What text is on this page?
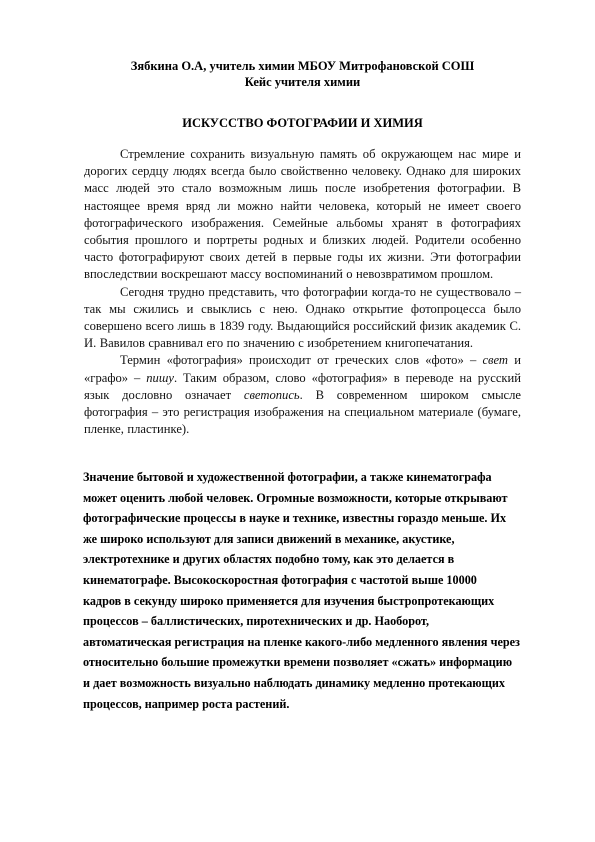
Зябкина О.А, учитель химии МБОУ Митрофановской СОШ
Кейс учителя химии
ИСКУССТВО ФОТОГРАФИИ И ХИМИЯ

Стремление сохранить визуальную память об окружающем нас мире и дорогих сердцу людях всегда было свойственно человеку. Однако для широких масс людей это стало возможным лишь после изобретения фотографии. В настоящее время вряд ли можно найти человека, который не имеет своего фотографического изображения. Семейные альбомы хранят в фотографиях события прошлого и портреты родных и близких людей. Родители особенно часто фотографируют своих детей в первые годы их жизни. Эти фотографии впоследствии воскрешают массу воспоминаний о невозвратимом прошлом.

Сегодня трудно представить, что фотографии когда-то не существовало – так мы сжились и свыклись с нею. Однако открытие фотопроцесса было совершено всего лишь в 1839 году. Выдающийся российский физик академик С. И. Вавилов сравнивал его по значению с изобретением книгопечатания.

Термин «фотография» происходит от греческих слов «фото» – свет и «графо» – пишу. Таким образом, слово «фотография» в переводе на русский язык дословно означает светопись. В современном широком смысле фотография – это регистрация изображения на специальном материале (бумаге, пленке, пластинке).

Значение бытовой и художественной фотографии, а также кинематографа
может оценить любой человек. Огромные возможности, которые открывают
фотографические процессы в науке и технике, известны гораздо меньше. Их
же широко используют для записи движений в механике, акустике,
электротехнике и других областях подобно тому, как это делается в
кинематографе. Высокоскоростная фотография с частотой выше 10000
кадров в секунду широко применяется для изучения быстропротекающих
процессов – баллистических, пиротехнических и др. Наоборот,
автоматическая регистрация на пленке какого-либо медленного явления через
относительно большие промежутки времени позволяет «сжать» информацию
и дает возможность визуально наблюдать динамику медленно протекающих
процессов, например роста растений.
